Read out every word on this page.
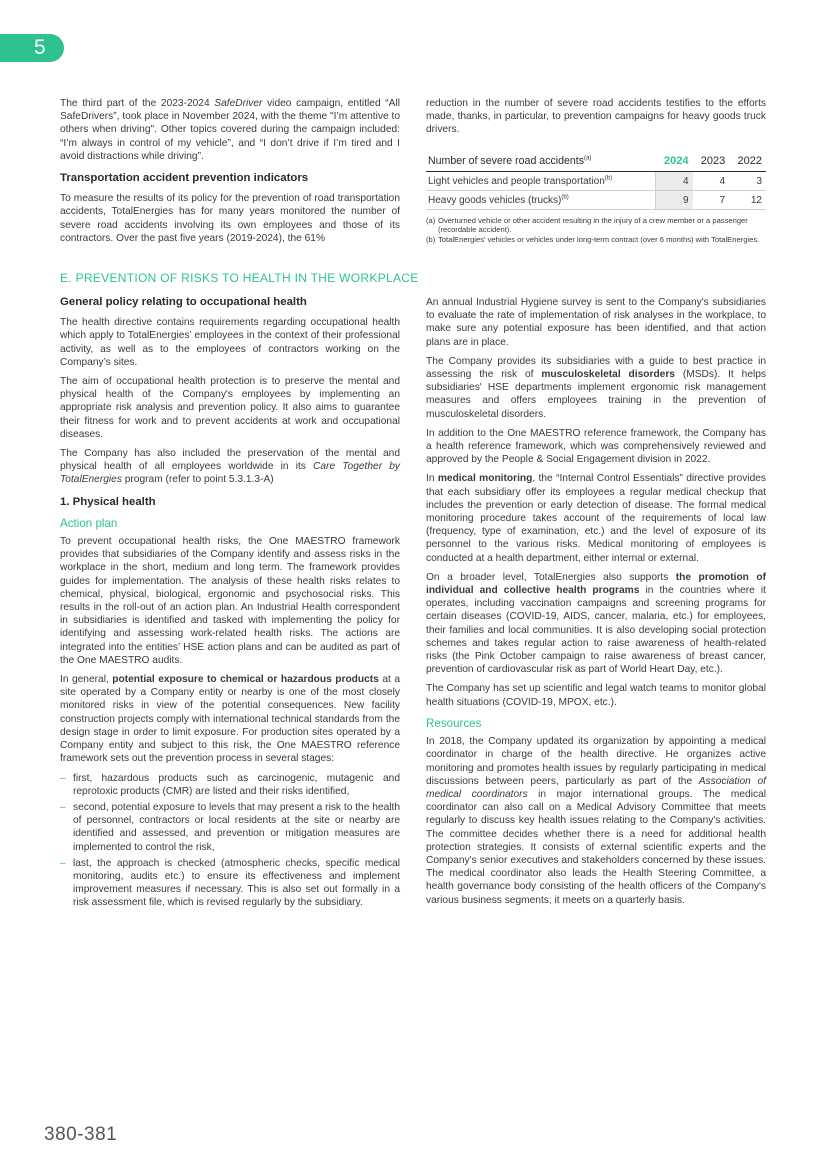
5

The third part of the 2023-2024 SafeDriver video campaign, entitled “All SafeDrivers”, took place in November 2024, with the theme "I’m attentive to others when driving". Other topics covered during the campaign included: “I’m always in control of my vehicle”, and “I don’t drive if I’m tired and I avoid distractions while driving”.

Transportation accident prevention indicators

To measure the results of its policy for the prevention of road transportation accidents, TotalEnergies has for many years monitored the number of severe road accidents involving its own employees and those of its contractors. Over the past five years (2019-2024), the 61%

reduction in the number of severe road accidents testifies to the efforts made, thanks, in particular, to prevention campaigns for heavy goods truck drivers.

Number of severe road accidents$^{(a)}$	2024	2023	2022
Light vehicles and people transportation$^{(b)}$	4	4	3
Heavy goods vehicles (trucks)$^{(b)}$	9	7	12
(a) Overturned vehicle or other accident resulting in the injury of a crew member or a passenger (recordable accident).
(b) TotalEnergies' vehicles or vehicles under long-term contract (over 6 months) with TotalEnergies.
E. PREVENTION OF RISKS TO HEALTH IN THE WORKPLACE
General policy relating to occupational health

The health directive contains requirements regarding occupational health which apply to TotalEnergies’ employees in the context of their professional activity, as well as to the employees of contractors working on the Company’s sites.

The aim of occupational health protection is to preserve the mental and physical health of the Company's employees by implementing an appropriate risk analysis and prevention policy. It also aims to guarantee their fitness for work and to prevent accidents at work and occupational diseases.

The Company has also included the preservation of the mental and physical health of all employees worldwide in its Care Together by TotalEnergies program (refer to point 5.3.1.3-A)

1. Physical health
Action plan

To prevent occupational health risks, the One MAESTRO framework provides that subsidiaries of the Company identify and assess risks in the workplace in the short, medium and long term. The framework provides guides for implementation. The analysis of these health risks relates to chemical, physical, biological, ergonomic and psychosocial risks. This results in the roll-out of an action plan. An Industrial Health correspondent in subsidiaries is identified and tasked with implementing the policy for identifying and assessing work-related health risks. The actions are integrated into the entities’ HSE action plans and can be audited as part of the One MAESTRO audits.

In general, potential exposure to chemical or hazardous products at a site operated by a Company entity or nearby is one of the most closely monitored risks in view of the potential consequences. New facility construction projects comply with international technical standards from the design stage in order to limit exposure. For production sites operated by a Company entity and subject to this risk, the One MAESTRO reference framework sets out the prevention process in several stages:

– first, hazardous products such as carcinogenic, mutagenic and reprotoxic products (CMR) are listed and their risks identified,
– second, potential exposure to levels that may present a risk to the health of personnel, contractors or local residents at the site or nearby are identified and assessed, and prevention or mitigation measures are implemented to control the risk,
– last, the approach is checked (atmospheric checks, specific medical monitoring, audits etc.) to ensure its effectiveness and implement improvement measures if necessary. This is also set out formally in a risk assessment file, which is revised regularly by the subsidiary.

An annual Industrial Hygiene survey is sent to the Company's subsidiaries to evaluate the rate of implementation of risk analyses in the workplace, to make sure any potential exposure has been identified, and that action plans are in place.

The Company provides its subsidiaries with a guide to best practice in assessing the risk of musculoskeletal disorders (MSDs). It helps subsidiaries' HSE departments implement ergonomic risk management measures and offers employees training in the prevention of musculoskeletal disorders.

In addition to the One MAESTRO reference framework, the Company has a health reference framework, which was comprehensively reviewed and approved by the People & Social Engagement division in 2022.

In medical monitoring, the “Internal Control Essentials” directive provides that each subsidiary offer its employees a regular medical checkup that includes the prevention or early detection of disease. The formal medical monitoring procedure takes account of the requirements of local law (frequency, type of examination, etc.) and the level of exposure of its personnel to the various risks. Medical monitoring of employees is conducted at a health department, either internal or external.

On a broader level, TotalEnergies also supports the promotion of individual and collective health programs in the countries where it operates, including vaccination campaigns and screening programs for certain diseases (COVID-19, AIDS, cancer, malaria, etc.) for employees, their families and local communities. It is also developing social protection schemes and takes regular action to raise awareness of health-related risks (the Pink October campaign to raise awareness of breast cancer, prevention of cardiovascular risk as part of World Heart Day, etc.).

The Company has set up scientific and legal watch teams to monitor global health situations (COVID-19, MPOX, etc.).

Resources

In 2018, the Company updated its organization by appointing a medical coordinator in charge of the health directive. He organizes active monitoring and promotes health issues by regularly participating in medical discussions between peers, particularly as part of the Association of medical coordinators in major international groups. The medical coordinator can also call on a Medical Advisory Committee that meets regularly to discuss key health issues relating to the Company's activities. The committee decides whether there is a need for additional health protection strategies. It consists of external scientific experts and the Company's senior executives and stakeholders concerned by these issues. The medical coordinator also leads the Health Steering Committee, a health governance body consisting of the health officers of the Company's various business segments; it meets on a quarterly basis.

380-381
